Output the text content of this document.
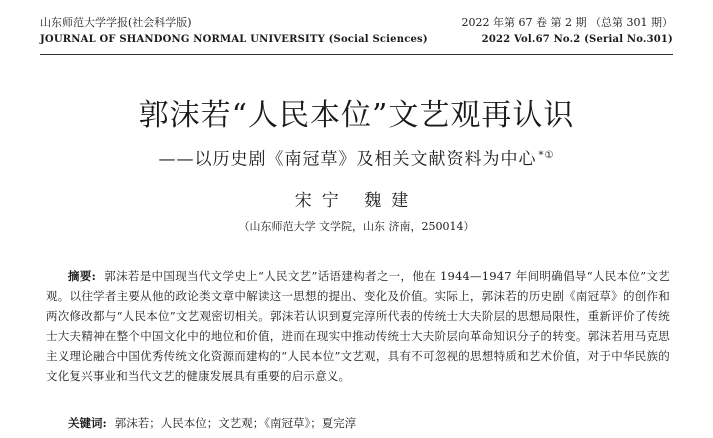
山东师范大学学报(社会科学版)	2022 年第 67 卷 第 2 期 （总第 301 期）
JOURNAL OF SHANDONG NORMAL UNIVERSITY (Social Sciences)	2022 Vol.67 No.2 (Serial No.301)
郭沫若“人民本位”文艺观再认识
——以历史剧《南冠草》及相关文献资料为中心 *①
宋宁 魏建
（山东师范大学 文学院，山东 济南，250014）
摘要: 郭沫若是中国现当代文学史上“人民文艺”话语建构者之一，他在 1944—1947 年间明确倡导“人民本位”文艺观。以往学者主要从他的政论类文章中解读这一思想的提出、变化及价值。实际上，郭沫若的历史剧《南冠草》的创作和两次修改都与“人民本位”文艺观密切相关。郭沫若认识到夏完淳所代表的传统士大夫阶层的思想局限性，重新评价了传统士大夫精神在整个中国文化中的地位和价值，进而在现实中推动传统士大夫阶层向革命知识分子的转变。郭沫若用马克思主义理论融合中国优秀传统文化资源而建构的“人民本位”文艺观，具有不可忽视的思想特质和艺术价值，对于中华民族的文化复兴事业和当代文艺的健康发展具有重要的启示意义。
关键词: 郭沫若；人民本位；文艺观；《南冠草》；夏完淳
